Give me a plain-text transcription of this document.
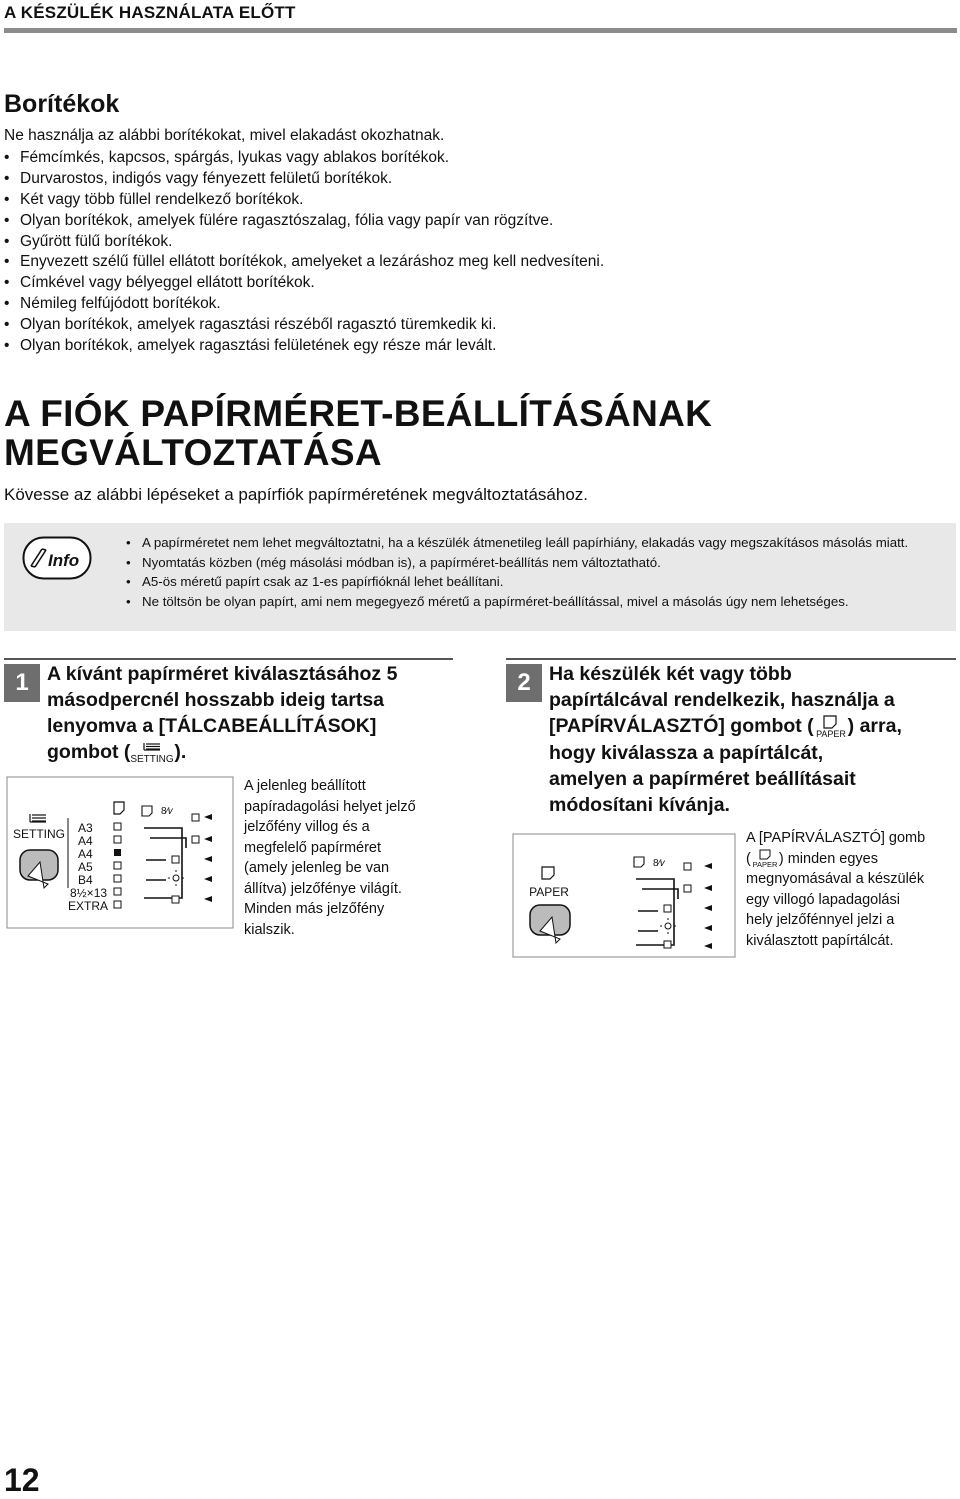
A KÉSZÜLÉK HASZNÁLATA ELŐTT
Borítékok
Ne használja az alábbi borítékokat, mivel elakadást okozhatnak.
• Fémcímkés, kapcsos, spárgás, lyukas vagy ablakos borítékok.
• Durvarostos, indigós vagy fényezett felületű borítékok.
• Két vagy több füllel rendelkező borítékok.
• Olyan borítékok, amelyek fülére ragasztószalag, fólia vagy papír van rögzítve.
• Gyűrött fülű borítékok.
• Enyvezett szélű füllel ellátott borítékok, amelyeket a lezáráshoz meg kell nedvesíteni.
• Címkével vagy bélyeggel ellátott borítékok.
• Némileg felfújódott borítékok.
• Olyan borítékok, amelyek ragasztási részéből ragasztó türemkedik ki.
• Olyan borítékok, amelyek ragasztási felületének egy része már levált.
A FIÓK PAPÍRMÉRET-BEÁLLÍTÁSÁNAK
MEGVÁLTOZTATÁSA
Kövesse az alábbi lépéseket a papírfiók papírméretének megváltoztatásához.
Info
• A papírméretet nem lehet megváltoztatni, ha a készülék átmenetileg leáll papírhiány, elakadás vagy megszakításos másolás miatt.
• Nyomtatás közben (még másolási módban is), a papírméret-beállítás nem változtatható.
• A5-ös méretű papírt csak az 1-es papírfióknál lehet beállítani.
• Ne töltsön be olyan papírt, ami nem megegyező méretű a papírméret-beállítással, mivel a másolás úgy nem lehetséges.
1 A kívánt papírméret kiválasztásához 5
másodpercnél hosszabb ideig tartsa
lenyomva a [TÁLCABEÁLLÍTÁSOK]
gombot ( SETTING ).
SETTING A3
A4
A4
A5
B4
8½×13
EXTRA
8⁄𝑣
A jelenleg beállított
papíradagolási helyet jelző
jelzőfény villog és a
megfelelő papírméret
(amely jelenleg be van
állítva) jelzőfénye világít.
Minden más jelzőfény
kialszik.
2 Ha készülék két vagy több
papírtálcával rendelkezik, használja a
[PAPÍRVÁLASZTÓ] gombot ( PAPER ) arra,
hogy kiválassza a papírtálcát,
amelyen a papírméret beállításait
módosítani kívánja.
PAPER
8⁄𝑣
A [PAPÍRVÁLASZTÓ] gomb
( PAPER ) minden egyes
megnyomásával a készülék
egy villogó lapadagolási
hely jelzőfénnyel jelzi a
kiválasztott papírtálcát.
12
